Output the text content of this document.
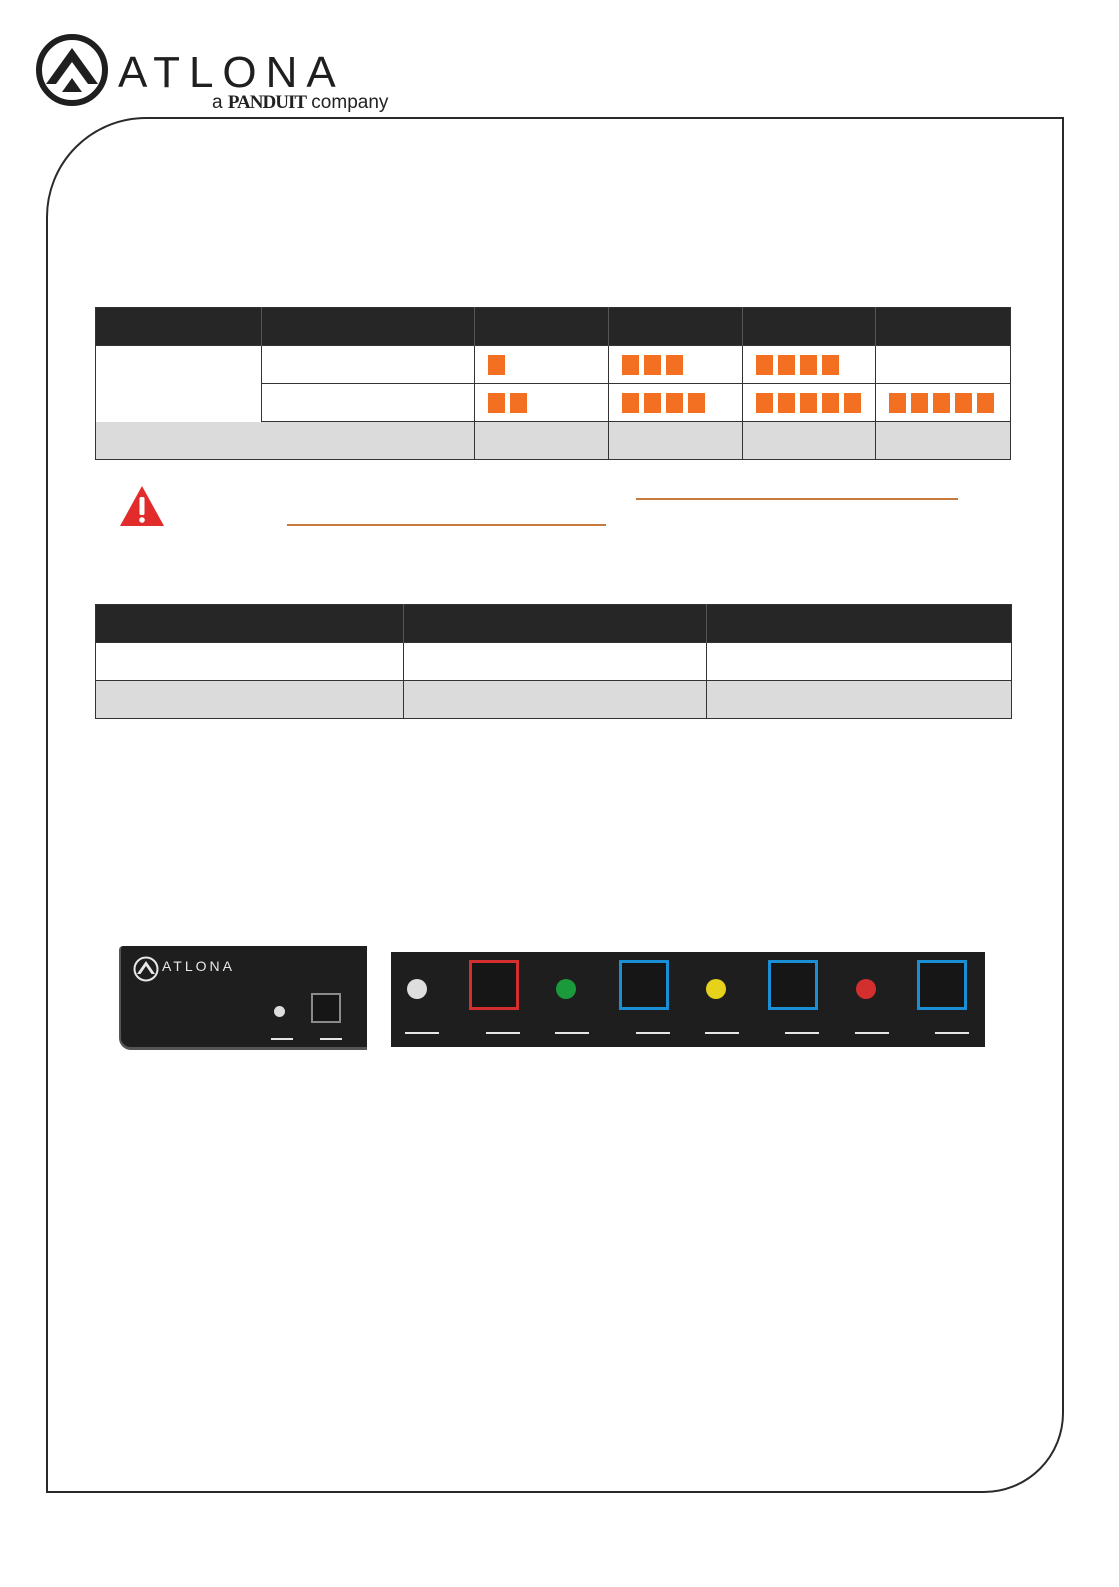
ATLONA
a PANDUIT company

ATLONA
